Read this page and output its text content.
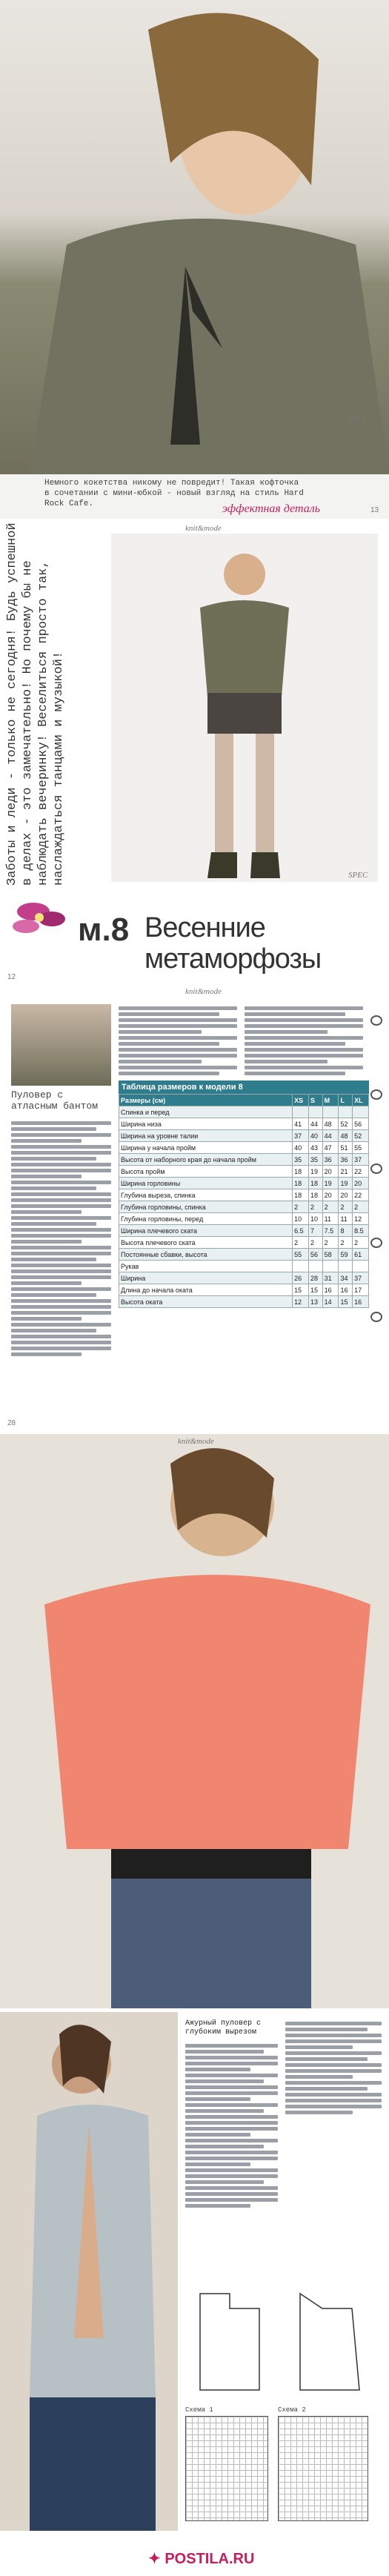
SPEC
Немного кокетства никому не повредит! Такая кофточка
в сочетании с мини-юбкой - новый взгляд на стиль Hard
Rock Cafe.	эффектная деталь	13
knit&mode
Заботы и леди - только не сегодня! Будь успешной
в делах - это замечательно! Но почему бы не
наблюдать вечеринку! Веселиться просто так,
наслаждаться танцами и музыкой!
SPEC
м.8 Весенние
метаморфозы
12
knit&mode
Пуловер с атласным бантом
Таблица размеров к модели 8
Размеры (см)	XS	S	M	L	XL
Спинка и перед					
Ширина низа	41	44	48	52	56
Ширина на уровне талии	37	40	44	48	52
Ширина у начала пройм	40	43	47	51	55
Высота от наборного края до начала пройм	35	35	36	36	37
Высота пройм	18	19	20	21	22
Ширина горловины	18	18	19	19	20
Глубина выреза, спинка	18	18	20	20	22
Глубина горловины, спинка	2	2	2	2	2
Глубина горловины, перед	10	10	11	11	12
Ширина плечевого ската	6.5	7	7.5	8	8.5
Высота плечевого ската	2	2	2	2	2
Постоянные сбавки, высота	55	56	58	59	61
Рукав					
Ширина	26	28	31	34	37
Длина до начала оката	15	15	16	16	17
Высота оката	12	13	14	15	16
28
knit&mode
Ажурный пуловер с глубоким вырезом
Схема 1	Схема 2
✦ POSTILA.RU
